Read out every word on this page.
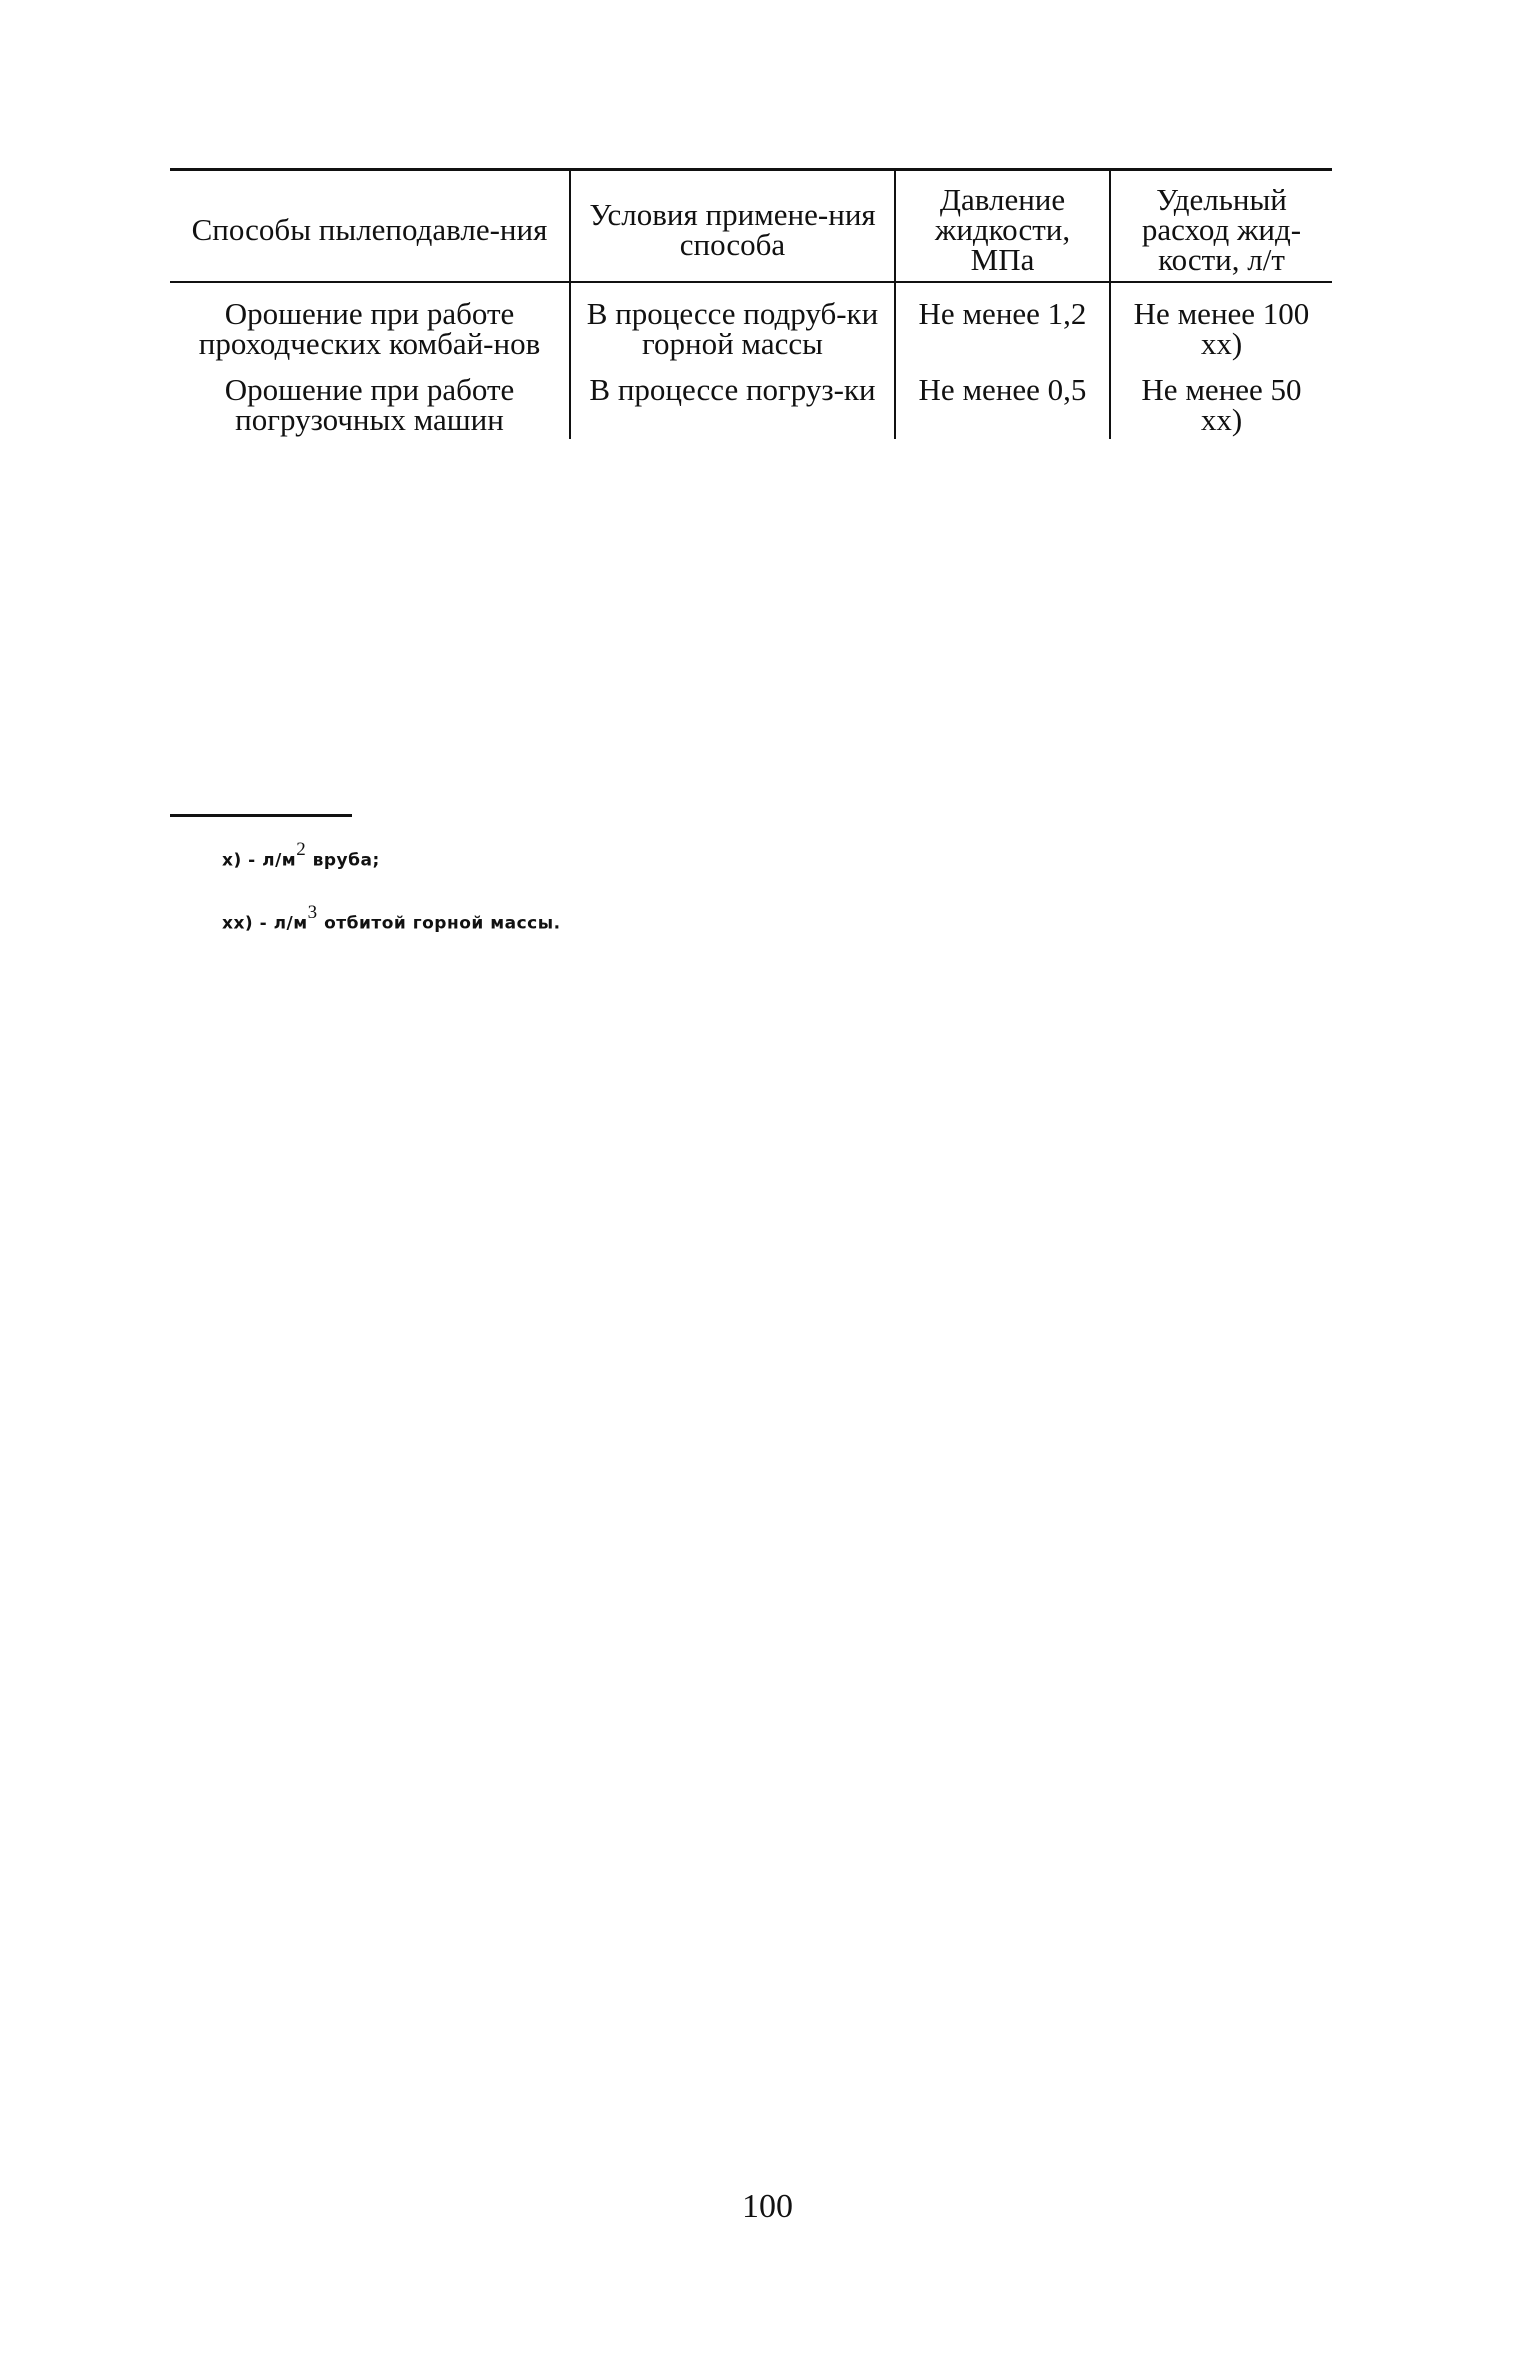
Способы пылеподавле-ния	Условия примене-ния способа	Давление жидкости, МПа	Удельный расход жид-кости, л/т
Орошение при работе проходческих комбай-нов	В процессе подруб-ки горной массы	Не менее 1,2	Не менее 100 хх)
Орошение при работе погрузочных машин	В процессе погруз-ки	Не менее 0,5	Не менее 50 хх)
$х) - л/м^2$ вруба;
$хх) - л/м^3$ отбитой горной массы.
100
